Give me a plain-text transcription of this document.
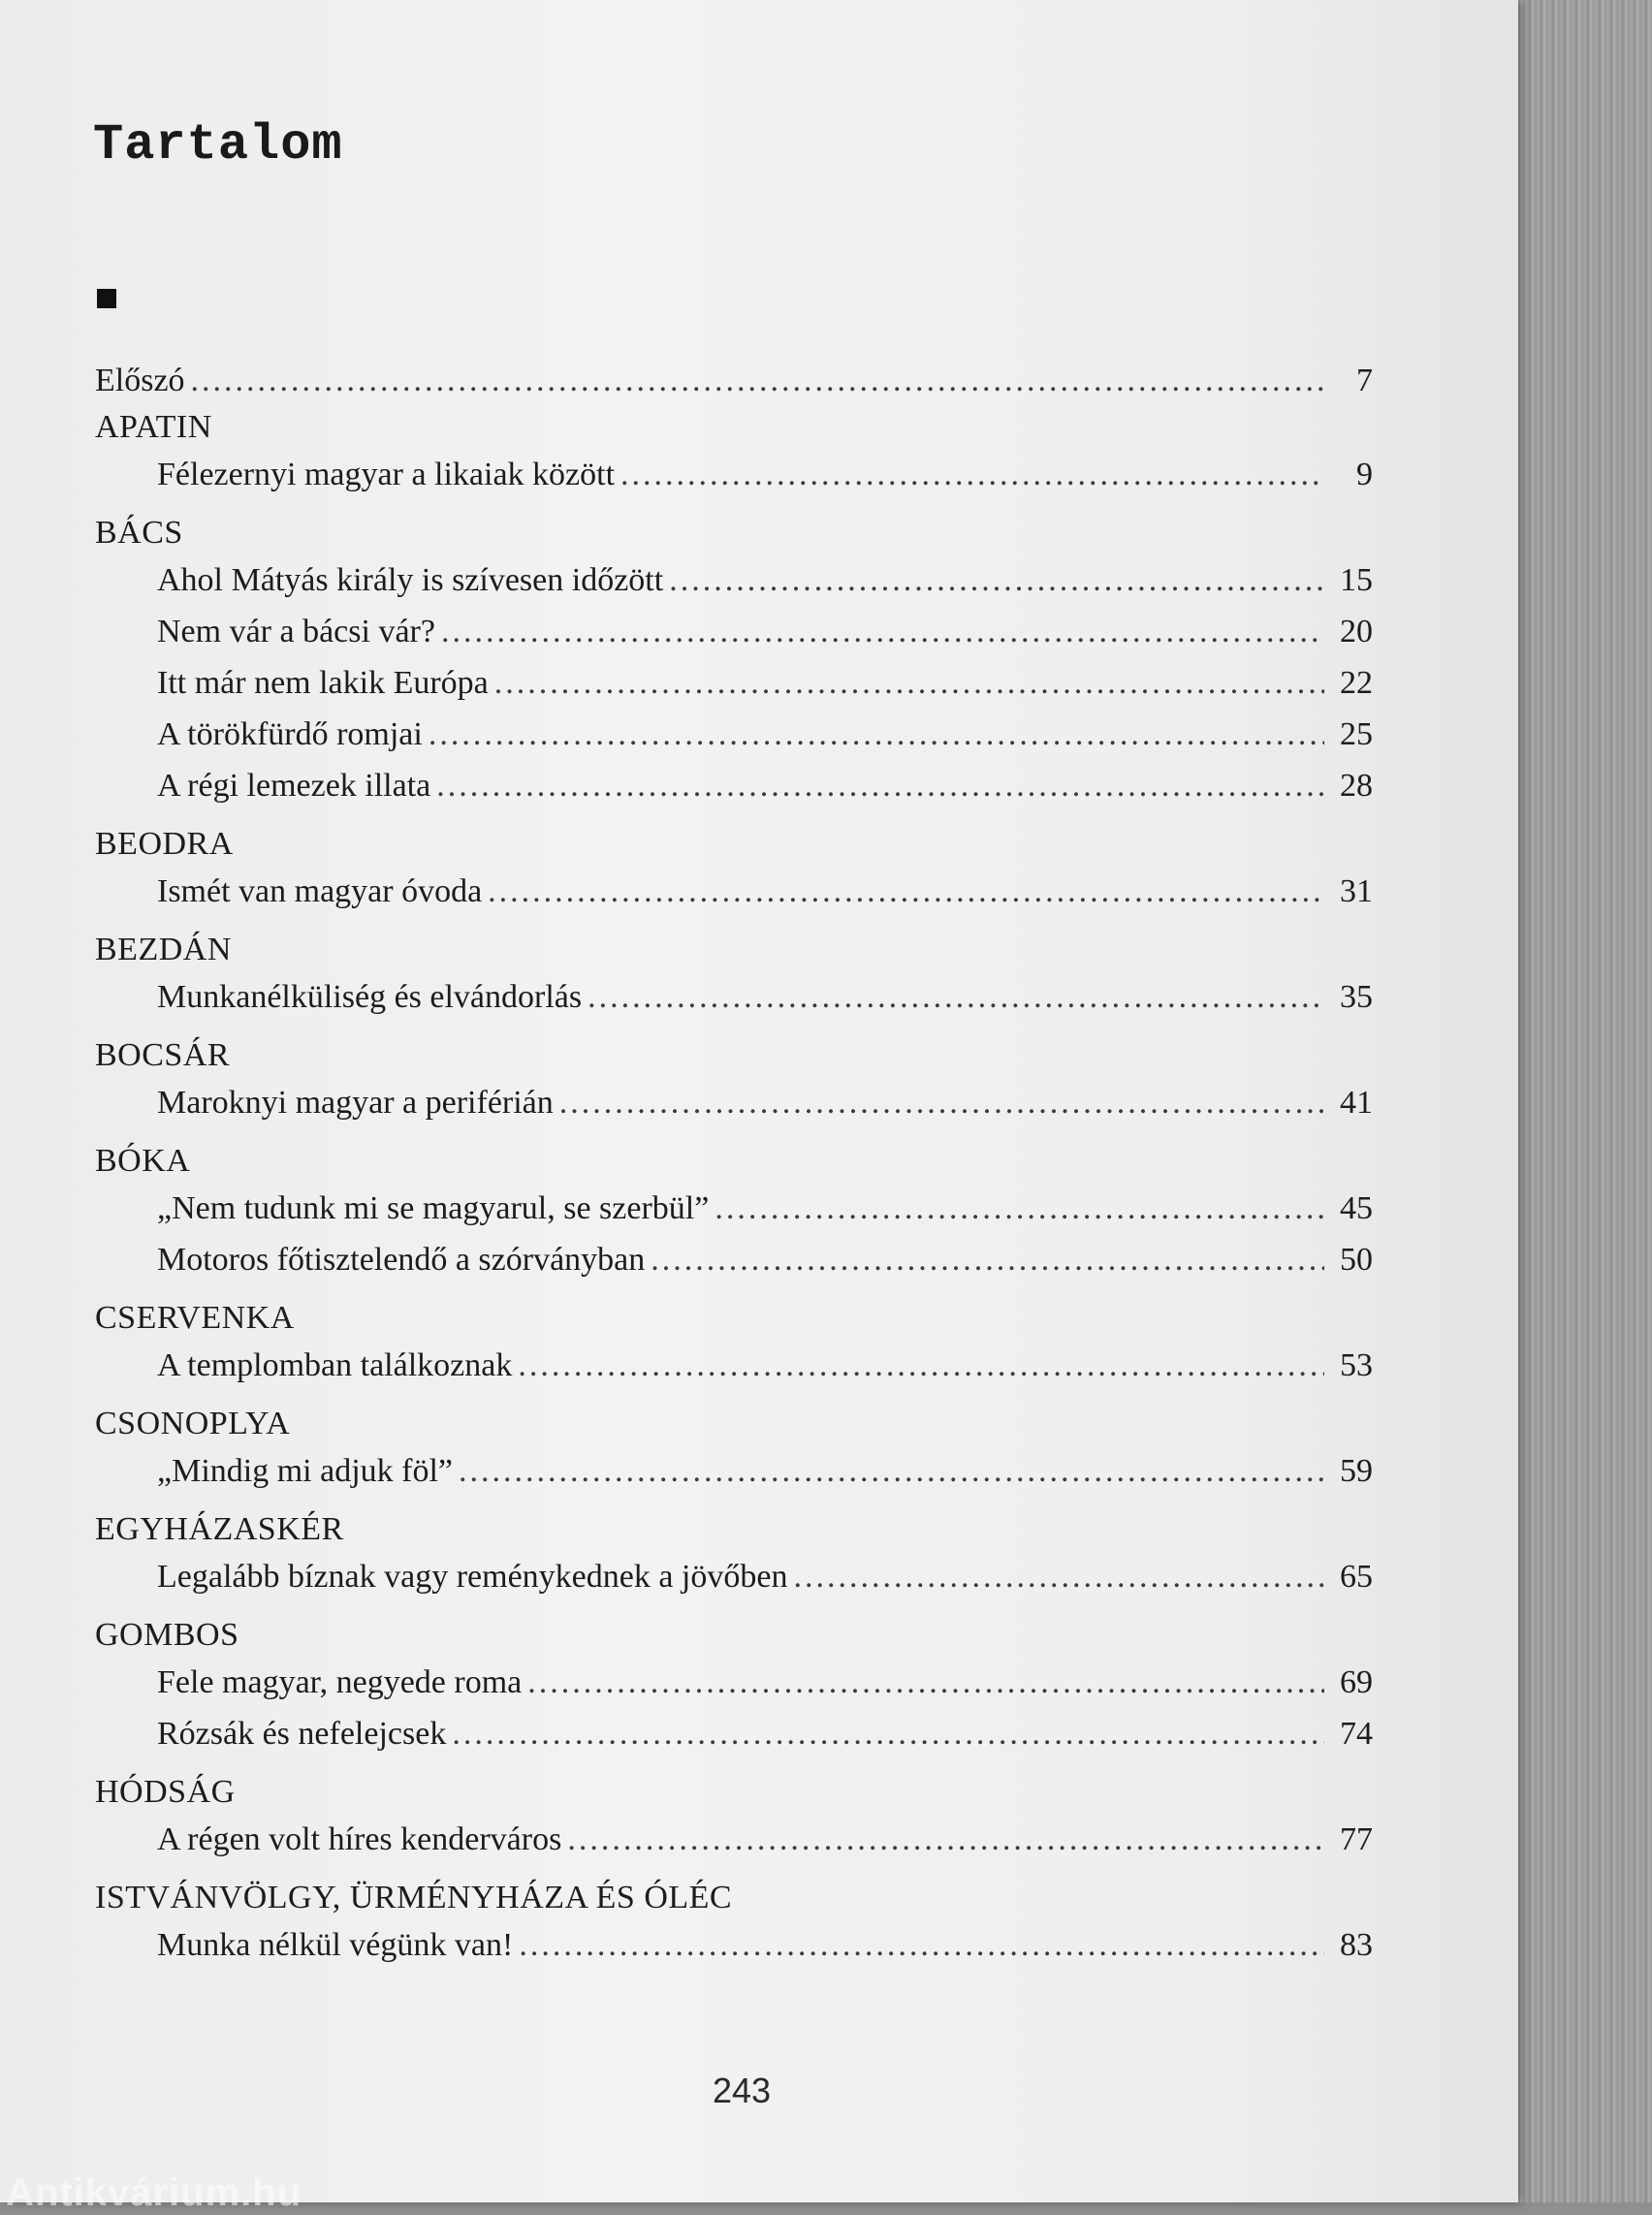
Tartalom
Előszó .....	7
APATIN
Félezernyi magyar a likaiak között .....	9
BÁCS
Ahol Mátyás király is szívesen időzött .....	15
Nem vár a bácsi vár? .....	20
Itt már nem lakik Európa .....	22
A törökfürdő romjai .....	25
A régi lemezek illata .....	28
BEODRA
Ismét van magyar óvoda .....	31
BEZDÁN
Munkanélküliség és elvándorlás .....	35
BOCSÁR
Maroknyi magyar a periférián .....	41
BÓKA
„Nem tudunk mi se magyarul, se szerbül” .....	45
Motoros főtisztelendő a szórványban .....	50
CSERVENKA
A templomban találkoznak .....	53
CSONOPLYA
„Mindig mi adjuk föl” .....	59
EGYHÁZASKÉR
Legalább bíznak vagy reménykednek a jövőben .....	65
GOMBOS
Fele magyar, negyede roma .....	69
Rózsák és nefelejcsek .....	74
HÓDSÁG
A régen volt híres kenderváros .....	77
ISTVÁNVÖLGY, ÜRMÉNYHÁZA ÉS ÓLÉC
Munka nélkül végünk van! .....	83
243
Antikvárium.hu
